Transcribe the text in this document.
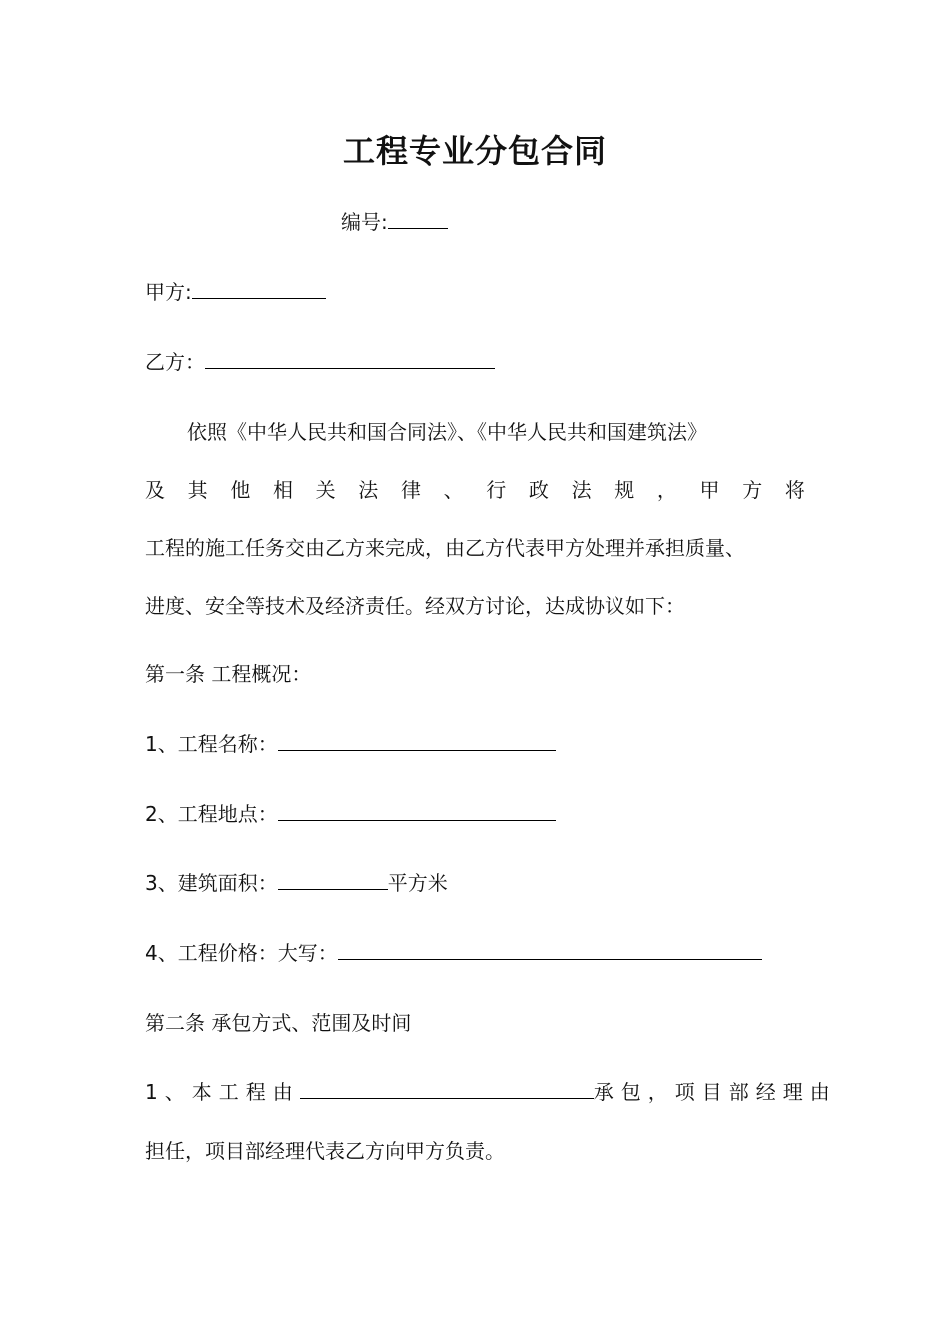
工程专业分包合同
编号:
甲方:
乙方：
依照《中华人民共和国合同法》、《中华人民共和国建筑法》
及 其 他 相 关 法 律 、 行 政 法 规 ， 甲 方 将
工程的施工任务交由乙方来完成，由乙方代表甲方处理并承担质量、
进度、安全等技术及经济责任。经双方讨论，达成协议如下：
第一条 工程概况：
1、工程名称：
2、工程地点：
3、建筑面积：	平方米
4、工程价格：大写：
第二条 承包方式、范围及时间
1、本工程由	承包，项目部经理由
担任，项目部经理代表乙方向甲方负责。
